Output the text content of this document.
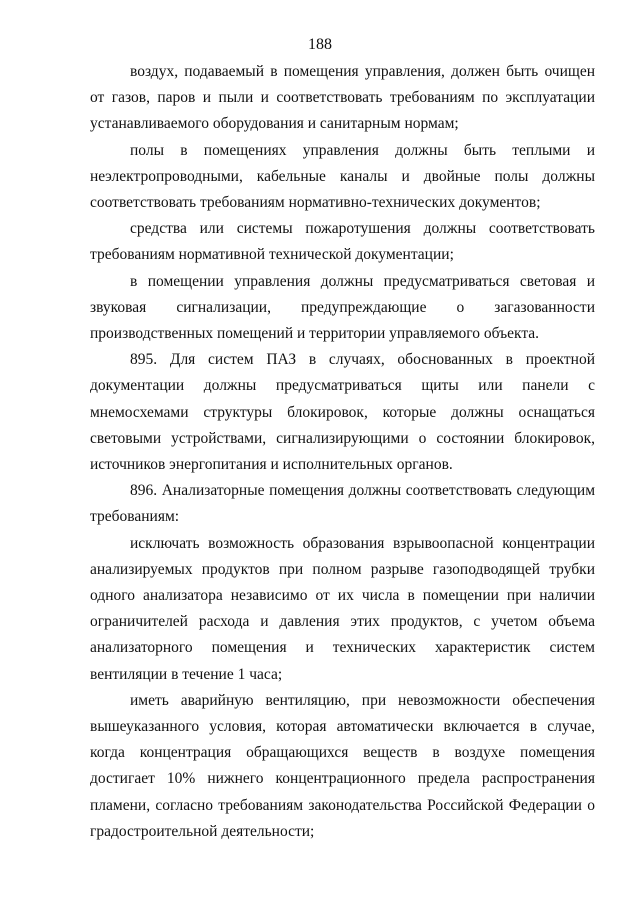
188

воздух, подаваемый в помещения управления, должен быть очищен от газов, паров и пыли и соответствовать требованиям по эксплуатации устанавливаемого оборудования и санитарным нормам;

полы в помещениях управления должны быть теплыми и неэлектропроводными, кабельные каналы и двойные полы должны соответствовать требованиям нормативно-технических документов;

средства или системы пожаротушения должны соответствовать требованиям нормативной технической документации;

в помещении управления должны предусматриваться световая и звуковая сигнализации, предупреждающие о загазованности производственных помещений и территории управляемого объекта.

895. Для систем ПАЗ в случаях, обоснованных в проектной документации должны предусматриваться щиты или панели с мнемосхемами структуры блокировок, которые должны оснащаться световыми устройствами, сигнализирующими о состоянии блокировок, источников энергопитания и исполнительных органов.

896. Анализаторные помещения должны соответствовать следующим требованиям:

исключать возможность образования взрывоопасной концентрации анализируемых продуктов при полном разрыве газоподводящей трубки одного анализатора независимо от их числа в помещении при наличии ограничителей расхода и давления этих продуктов, с учетом объема анализаторного помещения и технических характеристик систем вентиляции в течение 1 часа;

иметь аварийную вентиляцию, при невозможности обеспечения вышеуказанного условия, которая автоматически включается в случае, когда концентрация обращающихся веществ в воздухе помещения достигает 10% нижнего концентрационного предела распространения пламени, согласно требованиям законодательства Российской Федерации о градостроительной деятельности;
